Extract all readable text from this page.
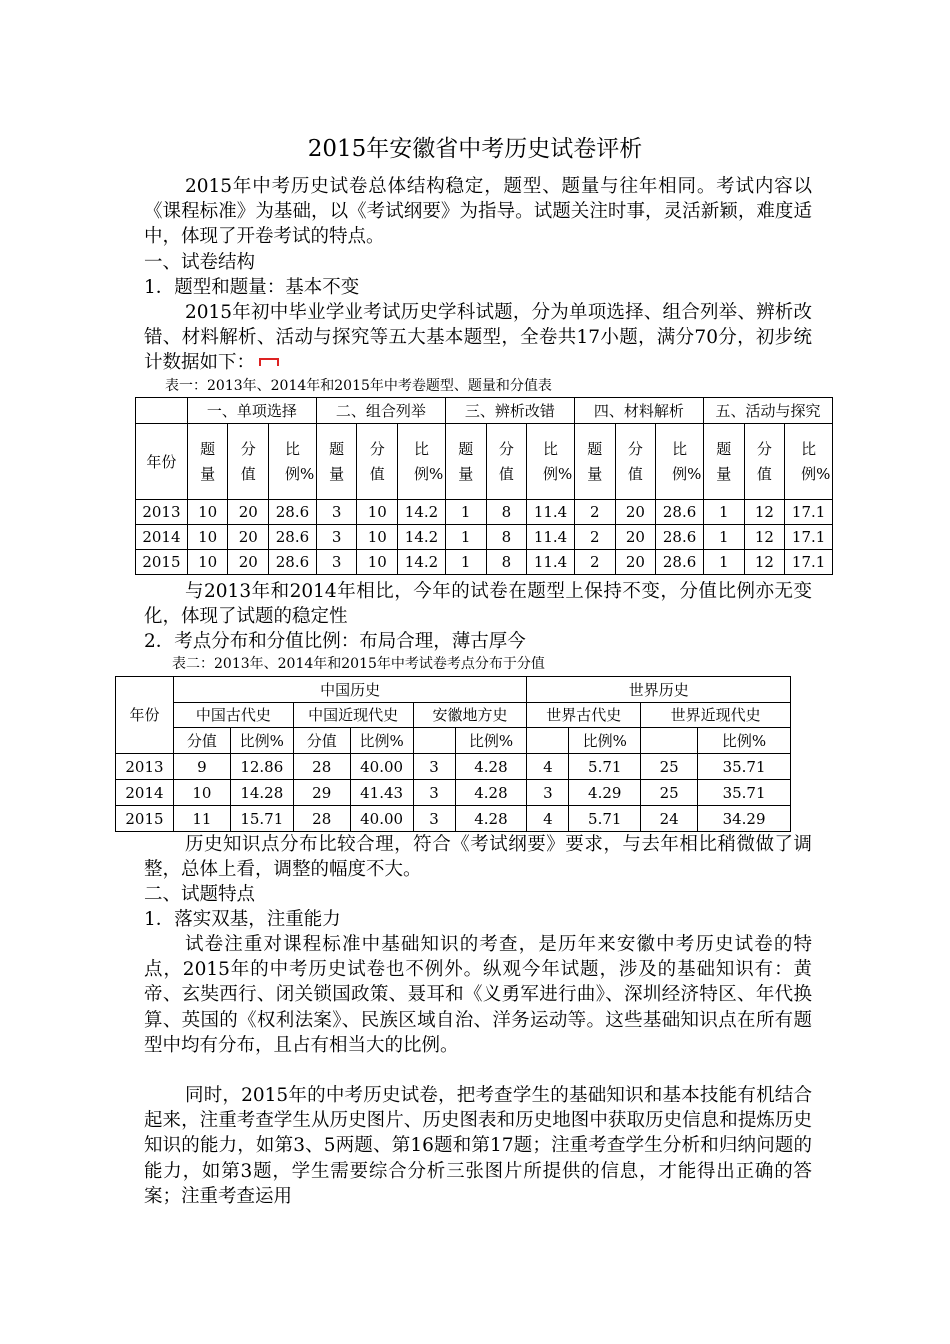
2015年安徽省中考历史试卷评析
2015年中考历史试卷总体结构稳定，题型、题量与往年相同。考试内容以《课程标准》为基础，以《考试纲要》为指导。试题关注时事，灵活新颖，难度适中，体现了开卷考试的特点。
一、试卷结构
1．题型和题量：基本不变
2015年初中毕业学业考试历史学科试题，分为单项选择、组合列举、辨析改错、材料解析、活动与探究等五大基本题型，全卷共17小题，满分70分，初步统计数据如下：
表一：2013年、2014年和2015年中考卷题型、题量和分值表
	一、单项选择			二、组合列举			三、辨析改错			四、材料解析			五、活动与探究		
年份	题量	分值	比例%	题量	分值	比例%	题量	分值	比例%	题量	分值	比例%	题量	分值	比例%

2013	10	20	28.6	3	10	14.2	1	8	11.4	2	20	28.6	1	12	17.1
2014	10	20	28.6	3	10	14.2	1	8	11.4	2	20	28.6	1	12	17.1
2015	10	20	28.6	3	10	14.2	1	8	11.4	2	20	28.6	1	12	17.1
与2013年和2014年相比，今年的试卷在题型上保持不变，分值比例亦无变化，体现了试题的稳定性
2．考点分布和分值比例：布局合理，薄古厚今
表二：2013年、2014年和2015年中考试卷考点分布于分值
年份	中国历史						世界历史			
	中国古代史		中国近现代史		安徽地方史		世界古代史		世界近现代史	
	分值	比例%	分值	比例%		比例%		比例%		比例%
2013	9	12.86	28	40.00	3	4.28	4	5.71	25	35.71
2014	10	14.28	29	41.43	3	4.28	3	4.29	25	35.71
2015	11	15.71	28	40.00	3	4.28	4	5.71	24	34.29
历史知识点分布比较合理，符合《考试纲要》要求，与去年相比稍微做了调整，总体上看，调整的幅度不大。
二、试题特点
1．落实双基，注重能力
试卷注重对课程标准中基础知识的考查，是历年来安徽中考历史试卷的特点，2015年的中考历史试卷也不例外。纵观今年试题，涉及的基础知识有：黄帝、玄奘西行、闭关锁国政策、聂耳和《义勇军进行曲》、深圳经济特区、年代换算、英国的《权利法案》、民族区域自治、洋务运动等。这些基础知识点在所有题型中均有分布，且占有相当大的比例。
同时，2015年的中考历史试卷，把考查学生的基础知识和基本技能有机结合起来，注重考查学生从历史图片、历史图表和历史地图中获取历史信息和提炼历史知识的能力，如第3、5两题、第16题和第17题；注重考查学生分析和归纳问题的能力，如第3题，学生需要综合分析三张图片所提供的信息，才能得出正确的答案；注重考查运用
